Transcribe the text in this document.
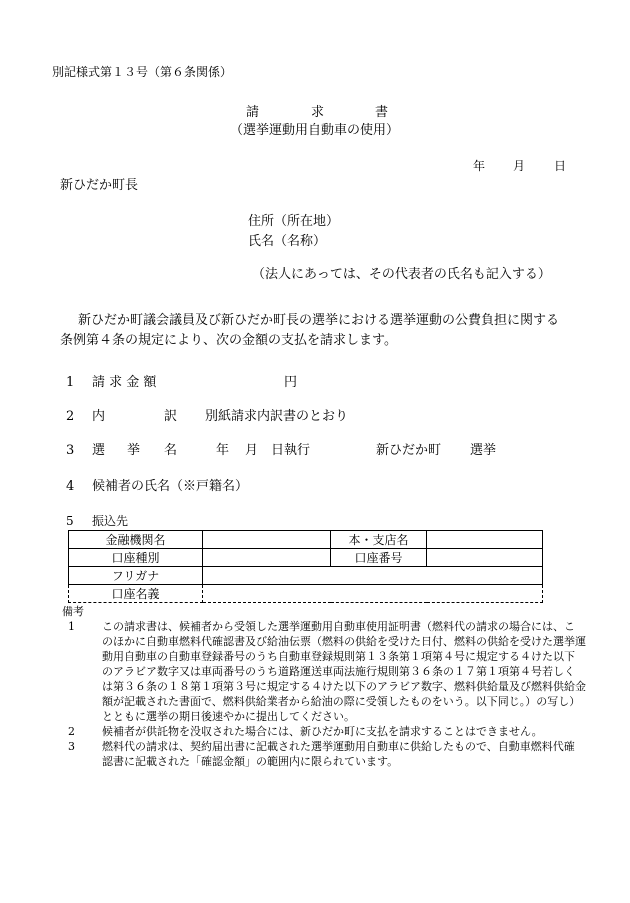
別記様式第１３号（第６条関係）
請	求	書
（選挙運動用自動車の使用）
年 月 日
新ひだか町長
住所（所在地）
氏名（名称）
（法人にあっては、その代表者の氏名も記入する）
新ひだか町議会議員及び新ひだか町長の選挙における選挙運動の公費負担に関する
条例第４条の規定により、次の金額の支払を請求します。
1 請 求 金 額	円
2 内	訳 別紙請求内訳書のとおり
3 選 挙 名	年 月 日執行	新ひだか町 選挙
4 候補者の氏名（※戸籍名）
5 振込先
金融機関名		本・支店名	
口座種別		口座番号	
フリガナ			
口座名義			
備考
1 この請求書は、候補者から受領した選挙運動用自動車使用証明書（燃料代の請求の場合には、こ
のほかに自動車燃料代確認書及び給油伝票（燃料の供給を受けた日付、燃料の供給を受けた選挙運
動用自動車の自動車登録番号のうち自動車登録規則第１３条第１項第４号に規定する４けた以下
のアラビア数字又は車両番号のうち道路運送車両法施行規則第３６条の１７第１項第４号若しく
は第３６条の１８第１項第３号に規定する４けた以下のアラビア数字、燃料供給量及び燃料供給金
額が記載された書面で、燃料供給業者から給油の際に受領したものをいう。以下同じ。）の写し）
とともに選挙の期日後速やかに提出してください。
2 候補者が供託物を没収された場合には、新ひだか町に支払を請求することはできません。
3 燃料代の請求は、契約届出書に記載された選挙運動用自動車に供給したもので、自動車燃料代確
認書に記載された「確認金額」の範囲内に限られています。
